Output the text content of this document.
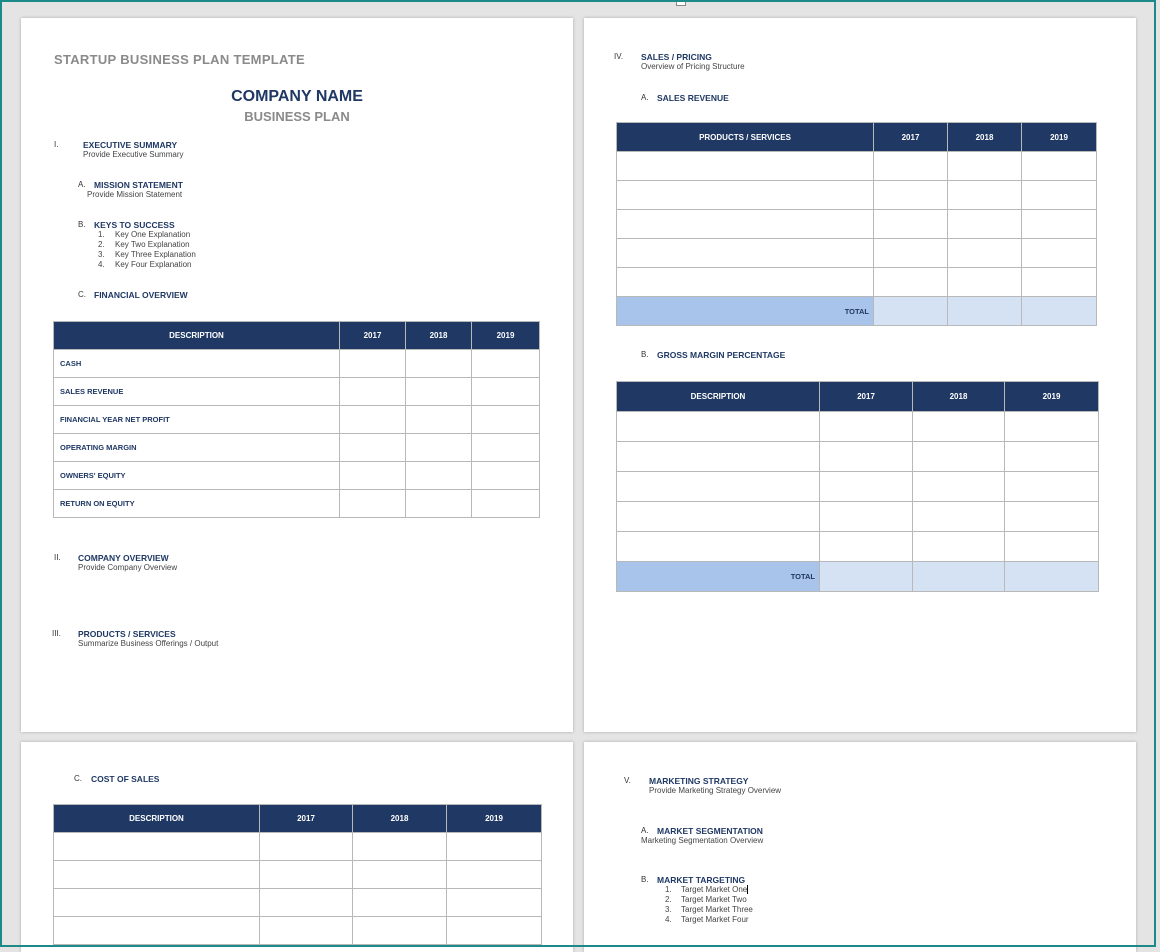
STARTUP BUSINESS PLAN TEMPLATE
COMPANY NAME
BUSINESS PLAN
I.	EXECUTIVE SUMMARY
Provide Executive Summary
A. MISSION STATEMENT
Provide Mission Statement
B. KEYS TO SUCCESS
1. Key One Explanation
2. Key Two Explanation
3. Key Three Explanation
4. Key Four Explanation
C. FINANCIAL OVERVIEW
DESCRIPTION	2017	2018	2019
CASH			
SALES REVENUE			
FINANCIAL YEAR NET PROFIT			
OPERATING MARGIN			
OWNERS' EQUITY			
RETURN ON EQUITY			
II. COMPANY OVERVIEW
Provide Company Overview
III. PRODUCTS / SERVICES
Summarize Business Offerings / Output
IV. SALES / PRICING
Overview of Pricing Structure
A. SALES REVENUE
PRODUCTS / SERVICES	2017	2018	2019

TOTAL			
B. GROSS MARGIN PERCENTAGE
DESCRIPTION	2017	2018	2019

TOTAL			
C. COST OF SALES
DESCRIPTION	2017	2018	2019

V. MARKETING STRATEGY
Provide Marketing Strategy Overview
A. MARKET SEGMENTATION
Marketing Segmentation Overview
B. MARKET TARGETING
1. Target Market One
2. Target Market Two
3. Target Market Three
4. Target Market Four
